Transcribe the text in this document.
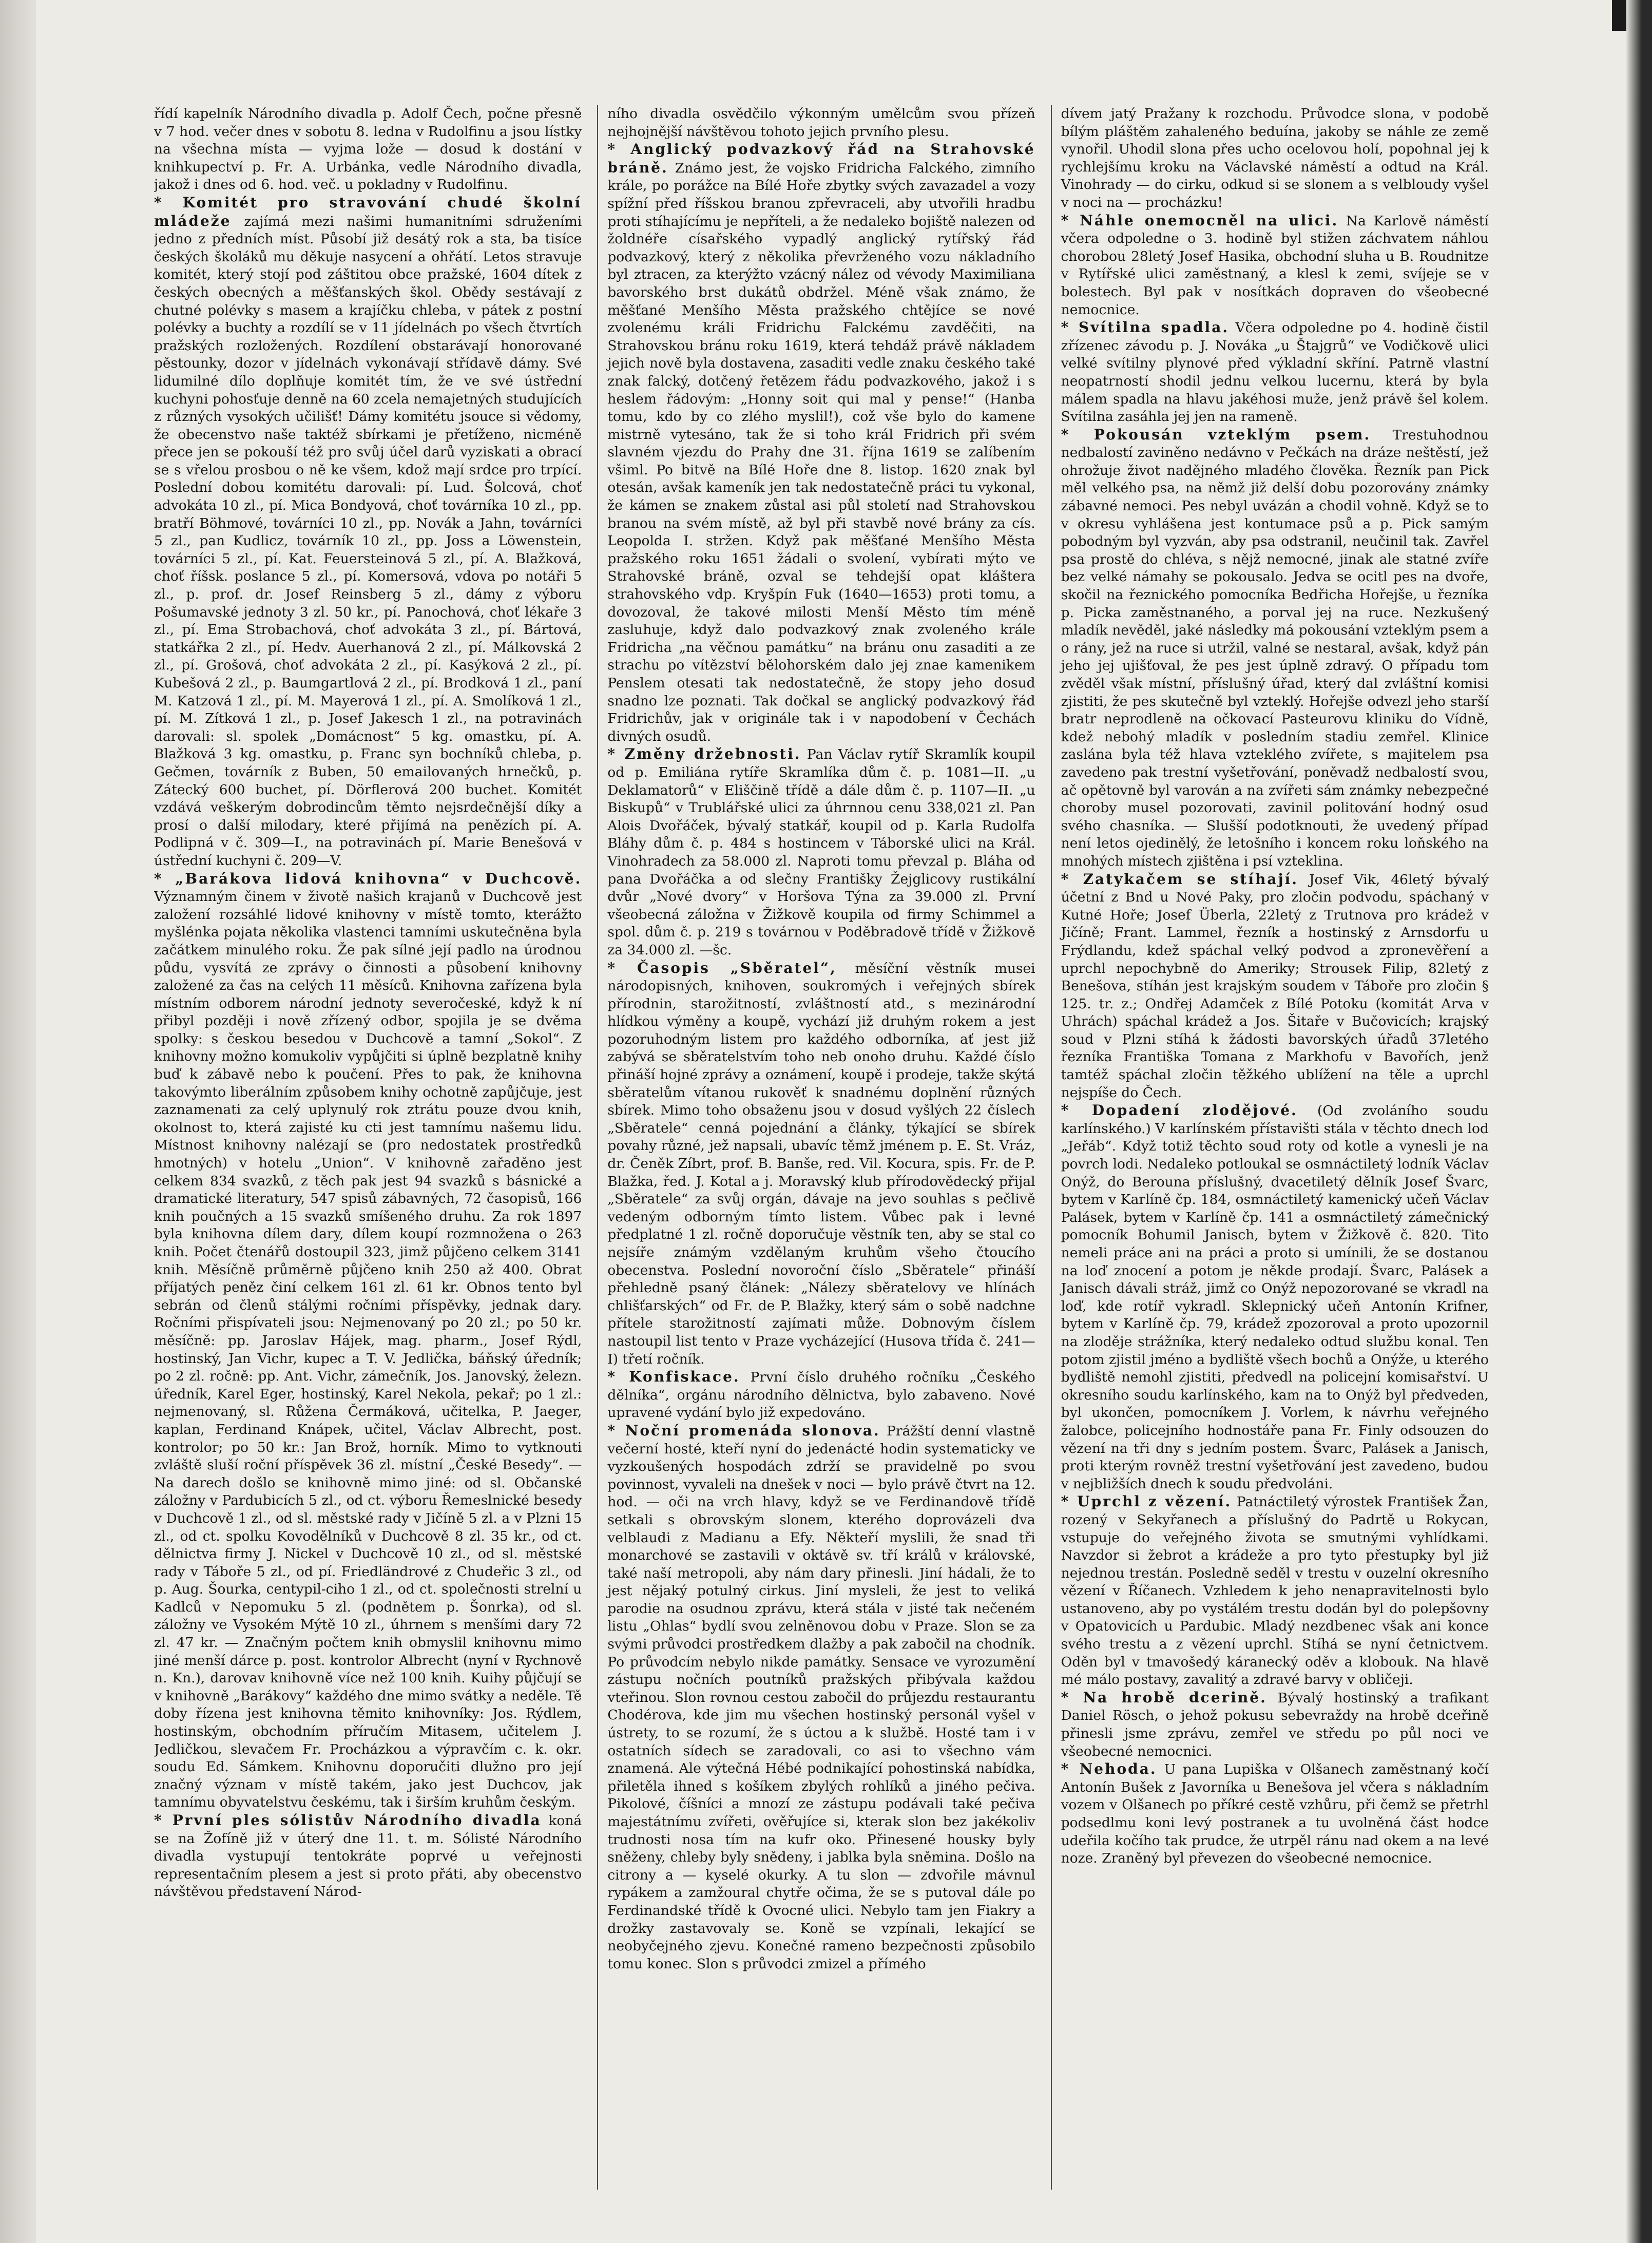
řídí kapelník Národního divadla p. Adolf Čech, počne přesně v 7 hod. večer dnes v sobotu 8. ledna v Rudolfinu a jsou lístky na všechna místa — vyjma lože — dosud k dostání v knihkupectví p. Fr. A. Urbánka, vedle Národního divadla, jakož i dnes od 6. hod. več. u pokladny v Rudolfinu.

* Komitét pro stravování chudé školní mládeže zajímá mezi našimi humanitními sdruženími jedno z předních míst. Působí již desátý rok a sta, ba tisíce českých školáků mu děkuje nasycení a ohřátí. Letos stravuje komitét, který stojí pod záštitou obce pražské, 1604 dítek z českých obecných a měšťanských škol. Obědy sestávají z chutné polévky s masem a krajíčku chleba, v pátek z postní polévky a buchty a rozdílí se v 11 jídelnách po všech čtvrtích pražských rozložených. Rozdílení obstarávají honorované pěstounky, dozor v jídelnách vykonávají střídavě dámy. Své lidumilné dílo doplňuje komitét tím, že ve své ústřední kuchyni pohosťuje denně na 60 zcela nemajetných studujících z různých vysokých učilišť! Dámy komitétu jsouce si vědomy, že obecenstvo naše taktéž sbírkami je přetíženo, nicméně přece jen se pokouší též pro svůj účel darů vyziskati a obrací se s vřelou prosbou o ně ke všem, kdož mají srdce pro trpící. Poslední dobou komitétu darovali: pí. Lud. Šolcová, choť advokáta 10 zl., pí. Mica Bondyová, choť továrníka 10 zl., pp. bratří Böhmové, továrníci 10 zl., pp. Novák a Jahn, továrníci 5 zl., pan Kudlicz, továrník 10 zl., pp. Joss a Löwenstein, továrníci 5 zl., pí. Kat. Feuersteinová 5 zl., pí. A. Blažková, choť říšsk. poslance 5 zl., pí. Komersová, vdova po notáři 5 zl., p. prof. dr. Josef Reinsberg 5 zl., dámy z výboru Pošumavské jednoty 3 zl. 50 kr., pí. Panochová, choť lékaře 3 zl., pí. Ema Strobachová, choť advokáta 3 zl., pí. Bártová, statkářka 2 zl., pí. Hedv. Auerhanová 2 zl., pí. Málkovská 2 zl., pí. Grošová, choť advokáta 2 zl., pí. Kasýková 2 zl., pí. Kubešová 2 zl., p. Baumgartlová 2 zl., pí. Brodková 1 zl., paní M. Katzová 1 zl., pí. M. Mayerová 1 zl., pí. A. Smolíková 1 zl., pí. M. Zítková 1 zl., p. Josef Jakesch 1 zl., na potravinách darovali: sl. spolek „Domácnost“ 5 kg. omastku, pí. A. Blažková 3 kg. omastku, p. Franc syn bochníků chleba, p. Gečmen, továrník z Buben, 50 emailovaných hrnečků, p. Zátecký 600 buchet, pí. Dörflerová 200 buchet. Komitét vzdává veškerým dobrodincům těmto nejsrdečnější díky a prosí o další milodary, které přijímá na penězích pí. A. Podlipná v č. 309—I., na potravinách pí. Marie Benešová v ústřední kuchyni č. 209—V.

* „Barákova lidová knihovna“ v Duchcově. Významným činem v životě našich krajanů v Duchcově jest založení rozsáhlé lidové knihovny v místě tomto, kterážto myšlénka pojata několika vlastenci tamními uskutečněna byla začátkem minulého roku. Že pak sílné její padlo na úrodnou půdu, vysvítá ze zprávy o činnosti a působení knihovny založené za čas na celých 11 měsíců. Knihovna zařízena byla místním odborem národní jednoty severočeské, když k ní přibyl později i nově zřízený odbor, spojila je se dvěma spolky: s českou besedou v Duchcově a tamní „Sokol“. Z knihovny možno komukoliv vypůjčiti si úplně bezplatně knihy buď k zábavě nebo k poučení. Přes to pak, že knihovna takovýmto liberálním způsobem knihy ochotně zapůjčuje, jest zaznamenati za celý uplynulý rok ztrátu pouze dvou knih, okolnost to, která zajisté ku cti jest tamnímu našemu lidu. Místnost knihovny nalézají se (pro nedostatek prostředků hmotných) v hotelu „Union“. V knihovně zařaděno jest celkem 834 svazků, z těch pak jest 94 svazků s básnické a dramatické literatury, 547 spisů zábavných, 72 časopisů, 166 knih poučných a 15 svazků smíšeného druhu. Za rok 1897 byla knihovna dílem dary, dílem koupí rozmnožena o 263 knih. Počet čtenářů dostoupil 323, jimž půjčeno celkem 3141 knih. Měsíčně průměrně půjčeno knih 250 až 400. Obrat příjatých peněz činí celkem 161 zl. 61 kr. Obnos tento byl sebrán od členů stálými ročními příspěvky, jednak dary. Ročními přispívateli jsou: Nejmenovaný po 20 zl.; po 50 kr. měsíčně: pp. Jaroslav Hájek, mag. pharm., Josef Rýdl, hostinský, Jan Vichr, kupec a T. V. Jedlička, báňský úředník; po 2 zl. ročně: pp. Ant. Vichr, zámečník, Jos. Janovský, železn. úředník, Karel Eger, hostinský, Karel Nekola, pekař; po 1 zl.: nejmenovaný, sl. Růžena Čermáková, učitelka, P. Jaeger, kaplan, Ferdinand Knápek, učitel, Václav Albrecht, post. kontrolor; po 50 kr.: Jan Brož, horník. Mimo to vytknouti zvláště sluší roční příspěvek 36 zl. místní „České Besedy“. — Na darech došlo se knihovně mimo jiné: od sl. Občanské záložny v Pardubicích 5 zl., od ct. výboru Řemeslnické besedy v Duchcově 1 zl., od sl. městské rady v Jičíně 5 zl. a v Plzni 15 zl., od ct. spolku Kovodělníků v Duchcově 8 zl. 35 kr., od ct. dělnictva firmy J. Nickel v Duchcově 10 zl., od sl. městské rady v Táboře 5 zl., od pí. Friedländrové z Chudeřic 3 zl., od p. Aug. Šourka, centypil-ciho 1 zl., od ct. společnosti strelní u Kadlců v Nepomuku 5 zl. (podnětem p. Šonrka), od sl. záložny ve Vysokém Mýtě 10 zl., úhrnem s menšími dary 72 zl. 47 kr. — Značným počtem knih obmyslil knihovnu mimo jiné menší dárce p. post. kontrolor Albrecht (nyní v Rychnově n. Kn.), darovav knihovně více než 100 knih. Kuihy půjčují se v knihovně „Barákovy“ každého dne mimo svátky a neděle. Tě doby řízena jest knihovna těmito knihovníky: Jos. Rýdlem, hostinským, obchodním příručím Mitasem, učitelem J. Jedličkou, slevačem Fr. Procházkou a výpravčím c. k. okr. soudu Ed. Sámkem. Knihovnu doporučiti dlužno pro její značný význam v místě takém, jako jest Duchcov, jak tamnímu obyvatelstvu českému, tak i širším kruhům českým.

* První ples sólistův Národního divadla koná se na Žofíně již v úterý dne 11. t. m. Sólisté Národního divadla vystupují tentokráte poprvé u veřejnosti representačním plesem a jest si proto přáti, aby obecenstvo návštěvou představení Národ-

ního divadla osvědčilo výkonným umělcům svou přízeň nejhojnější návštěvou tohoto jejich prvního plesu.

* Anglický podvazkový řád na Strahovské bráně. Známo jest, že vojsko Fridricha Falckého, zimního krále, po porážce na Bílé Hoře zbytky svých zavazadel a vozy spížní před říšskou branou zpřevraceli, aby utvořili hradbu proti stíhajícímu je nepříteli, a že nedaleko bojiště nalezen od žoldnéře císařského vypadlý anglický rytířský řád podvazkový, který z několika převrženého vozu nákladního byl ztracen, za kterýžto vzácný nález od vévody Maximiliana bavorského brst dukátů obdržel. Méně však známo, že měšťané Menšího Města pražského chtějíce se nové zvolenému králi Fridrichu Falckému zavděčiti, na Strahovskou bránu roku 1619, která tehdáž právě nákladem jejich nově byla dostavena, zasaditi vedle znaku českého také znak falcký, dotčený řetězem řádu podvazkového, jakož i s heslem řádovým: „Honny soit qui mal y pense!“ (Hanba tomu, kdo by co zlého myslil!), což vše bylo do kamene mistrně vytesáno, tak že si toho král Fridrich při svém slavném vjezdu do Prahy dne 31. října 1619 se zalíbením všiml. Po bitvě na Bílé Hoře dne 8. listop. 1620 znak byl otesán, avšak kameník jen tak nedostatečně práci tu vykonal, že kámen se znakem zůstal asi půl století nad Strahovskou branou na svém místě, až byl při stavbě nové brány za cís. Leopolda I. stržen. Když pak měšťané Menšího Města pražského roku 1651 žádali o svolení, vybírati mýto ve Strahovské bráně, ozval se tehdejší opat kláštera strahovského vdp. Kryšpín Fuk (1640—1653) proti tomu, a dovozoval, že takové milosti Menší Město tím méně zasluhuje, když dalo podvazkový znak zvoleného krále Fridricha „na věčnou památku“ na bránu onu zasaditi a ze strachu po vítězství bělohorském dalo jej znae kamenikem Penslem otesati tak nedostatečně, že stopy jeho dosud snadno lze poznati. Tak dočkal se anglický podvazkový řád Fridrichův, jak v originále tak i v napodobení v Čechách divných osudů.

* Změny držebnosti. Pan Václav rytíř Skramlík koupil od p. Emiliána rytíře Skramlíka dům č. p. 1081—II. „u Deklamatorů“ v Eliščině třídě a dále dům č. p. 1107—II. „u Biskupů“ v Trublářské ulici za úhrnnou cenu 338,021 zl. Pan Alois Dvořáček, bývalý statkář, koupil od p. Karla Rudolfa Bláhy dům č. p. 484 s hostincem v Táborské ulici na Král. Vinohradech za 58.000 zl. Naproti tomu převzal p. Bláha od pana Dvořáčka a od slečny Františky Žejglicovy rustikální dvůr „Nové dvory“ v Horšova Týna za 39.000 zl. První všeobecná záložna v Žižkově koupila od firmy Schimmel a spol. dům č. p. 219 s továrnou v Poděbradově třídě v Žižkově za 34.000 zl. —šc.

* Časopis „Sběratel“, měsíční věstník musei národopisných, knihoven, soukromých i veřejných sbírek přírodnin, starožitností, zvláštností atd., s mezinárodní hlídkou výměny a koupě, vychází již druhým rokem a jest pozoruhodným listem pro každého odborníka, ať jest již zabývá se sběratelstvím toho neb onoho druhu. Každé číslo přináší hojné zprávy a oznámení, koupě i prodeje, takže skýtá sběratelům vítanou rukověť k snadnému doplnění různých sbírek. Mimo toho obsaženu jsou v dosud vyšlých 22 číslech „Sběratele“ cenná pojednání a články, týkající se sbírek povahy různé, jež napsali, ubavíc těmž jménem p. E. St. Vráz, dr. Čeněk Zíbrt, prof. B. Banše, red. Vil. Kocura, spis. Fr. de P. Blažka, řed. J. Kotal a j. Moravský klub přírodovědecký přijal „Sběratele“ za svůj orgán, dávaje na jevo souhlas s pečlivě vedeným odborným tímto listem. Vůbec pak i levné předplatné 1 zl. ročně doporučuje věstník ten, aby se stal co nejsíře známým vzdělaným kruhům všeho čtoucího obecenstva. Poslední novoroční číslo „Sběratele“ přináší přehledně psaný článek: „Nálezy sběratelovy ve hlínách chlišťarských“ od Fr. de P. Blažky, který sám o sobě nadchne přítele starožitností zajímati může. Dobnovým číslem nastoupil list tento v Praze vycházející (Husova třída č. 241—I) třetí ročník.

* Konfiskace. První číslo druhého ročníku „Českého dělníka“, orgánu národního dělnictva, bylo zabaveno. Nové upravené vydání bylo již expedováno.

* Noční promenáda slonova. Prážští denní vlastně večerní hosté, kteří nyní do jedenácté hodin systematicky ve vyzkoušených hospodách zdrží se pravidelně po svou povinnost, vyvaleli na dnešek v noci — bylo právě čtvrt na 12. hod. — oči na vrch hlavy, když se ve Ferdinandově třídě setkali s obrovským slonem, kterého doprovázeli dva velblaudi z Madianu a Efy. Někteří myslili, že snad tři monarchové se zastavili v oktávě sv. tří králů v královské, také naší metropoli, aby nám dary přinesli. Jiní hádali, že to jest nějaký potulný cirkus. Jiní mysleli, že jest to veliká parodie na osudnou zprávu, která stála v jisté tak nečeném listu „Ohlas“ bydlí svou zelněnovou dobu v Praze. Slon se za svými průvodci prostředkem dlažby a pak zabočil na chodník. Po průvodcím nebylo nikde památky. Sensace ve vyrozumění zástupu nočních poutníků pražských přibývala každou vteřinou. Slon rovnou cestou zabočil do průjezdu restaurantu Chodérova, kde jim mu všechen hostinský personál vyšel v ústrety, to se rozumí, že s úctou a k službě. Hosté tam i v ostatních sídech se zaradovali, co asi to všechno vám znamená. Ale výtečná Hébé podnikající pohostinská nabídka, přiletěla ihned s košíkem zbylých rohlíků a jiného pečiva. Pikolové, číšníci a mnozí ze zástupu podávali také pečiva majestátnímu zvířeti, ověřujíce si, kterak slon bez jakékoliv trudnosti nosa tím na kufr oko. Přinesené housky byly sněženy, chleby byly snědeny, i jablka byla sněmina. Došlo na citrony a — kyselé okurky. A tu slon — zdvořile mávnul rypákem a zamžoural chytře očima, že se s putoval dále po Ferdinandské třídě k Ovocné ulici. Nebylo tam jen Fiakry a drožky zastavovaly se. Koně se vzpínali, lekající se neobyčejného zjevu. Konečné rameno bezpečnosti způsobilo tomu konec. Slon s průvodci zmizel a přímého

dívem jatý Pražany k rozchodu. Průvodce slona, v podobě bílým pláštěm zahaleného beduína, jakoby se náhle ze země vynořil. Uhodil slona přes ucho ocelovou holí, popohnal jej k rychlejšímu kroku na Václavské náměstí a odtud na Král. Vinohrady — do cirku, odkud si se slonem a s velbloudy vyšel v noci na — procházku!

* Náhle onemocněl na ulici. Na Karlově náměstí včera odpoledne o 3. hodině byl stižen záchvatem náhlou chorobou 28letý Josef Hasika, obchodní sluha u B. Roudnitze v Rytířské ulici zaměstnaný, a klesl k zemi, svíjeje se v bolestech. Byl pak v nosítkách dopraven do všeobecné nemocnice.

* Svítilna spadla. Včera odpoledne po 4. hodině čistil zřízenec závodu p. J. Nováka „u Štajgrů“ ve Vodičkově ulici velké svítilny plynové před výkladní skříní. Patrně vlastní neopatrností shodil jednu velkou lucernu, která by byla málem spadla na hlavu jakéhosi muže, jenž právě šel kolem. Svítilna zasáhla jej jen na rameně.

* Pokousán vzteklým psem. Trestuhodnou nedbalostí zaviněno nedávno v Pečkách na dráze neštěstí, jež ohrožuje život nadějného mladého člověka. Řezník pan Pick měl velkého psa, na němž již delší dobu pozorovány známky zábavné nemoci. Pes nebyl uvázán a chodil vohně. Když se to v okresu vyhlášena jest kontumace psů a p. Pick samým pobodným byl vyzván, aby psa odstranil, neučinil tak. Zavřel psa prostě do chlévа, s nějž nemocné, jinak ale statné zvíře bez velké námahy se pokousalo. Jedva se ocitl pes na dvoře, skočil na řeznického pomocníka Bedřicha Hořejše, u řezníka p. Picka zaměstnaného, a porval jej na ruce. Nezkušený mladík nevěděl, jaké následky má pokousání vzteklým psem a o rány, jež na ruce si utržil, valné se nestaral, avšak, když pán jeho jej ujišťoval, že pes jest úplně zdravý. O případu tom zvěděl však místní, příslušný úřad, který dal zvláštní komisi zjistiti, že pes skutečně byl vzteklý. Hořejše odvezl jeho starší bratr neprodleně na očkovací Pasteurovu kliniku do Vídně, kdež nebohý mladík v posledním stadiu zemřel. Klinice zaslána byla též hlava vzteklého zvířete, s majitelem psa zavedeno pak trestní vyšetřování, poněvadž nedbalostí svou, ač opětovně byl varován a na zvířeti sám známky nebezpečné choroby musel pozorovati, zavinil politování hodný osud svého chasníka. — Slušší podotknouti, že uvedený případ není letos ojedinělý, že letošního i koncem roku loňského na mnohých místech zjištěna i psí vzteklina.

* Zatykačem se stíhají. Josef Vik, 46letý bývalý účetní z Bnd u Nové Paky, pro zločin podvodu, spáchaný v Kutné Hoře; Josef Überla, 22letý z Trutnova pro krádež v Jičíně; Frant. Lammel, řezník a hostinský z Arnsdorfu u Frýdlandu, kdež spáchal velký podvod a zpronevěření a uprchl nepochybně do Ameriky; Strousek Filip, 82letý z Benešova, stíhán jest krajským soudem v Táboře pro zločin § 125. tr. z.; Ondřej Adamček z Bílé Potoku (komitát Arva v Uhrách) spáchal krádež a Jos. Šitaře v Bučovicích; krajský soud v Plzni stíhá k žádosti bavorských úřadů 37letého řezníka Františka Tomana z Markhofu v Bavořích, jenž tamtéž spáchal zločin těžkého ublížení na těle a uprchl nejspíše do Čech.

* Dopadení zlodějové. (Od zvoláního soudu karlínského.) V karlínském přístavišti stála v těchto dnech lod „Jeřáb“. Když totiž těchto soud roty od kotle a vynesli je na povrch lodi. Nedaleko potloukal se osmnáctiletý lodník Václav Onýž, do Berouna příslušný, dvacetiletý dělník Josef Švarc, bytem v Karlíně čp. 184, osmnáctiletý kamenický učeň Václav Palásek, bytem v Karlíně čp. 141 a osmnáctiletý zámečnický pomocník Bohumil Janisch, bytem v Žižkově č. 820. Tito nemeli práce ani na práci a proto si umínili, že se dostanou na loď znocení a potom je někde prodají. Švarc, Palásek a Janisch dávali stráž, jimž co Onýž nepozorované se vkradl na loď, kde rotíř vykradl. Sklepnický učeň Antonín Krifner, bytem v Karlíně čp. 79, krádež zpozoroval a proto upozornil na zloděje strážníka, který nedaleko odtud službu konal. Ten potom zjistil jméno a bydliště všech bochů a Onýže, u kterého bydliště nemohl zjistiti, předvedl na policejní komisařství. U okresního soudu karlínského, kam na to Onýž byl předveden, byl ukončen, pomocníkem J. Vorlem, k návrhu veřejného žalobce, policejního hodnostáře pana Fr. Finly odsouzen do vězení na tři dny s jedním postem. Švarc, Palásek a Janisch, proti kterým rovněž trestní vyšetřování jest zavedeno, budou v nejbližších dnech k soudu předvoláni.

* Uprchl z vězení. Patnáctiletý výrostek František Žan, rozený v Sekyřanech a příslušný do Padrtě u Rokycan, vstupuje do veřejného života se smutnými vyhlídkami. Navzdor si žebrot a krádeže a pro tyto přestupky byl již nejednou trestán. Posledně seděl v trestu v ouzelní okresního vězení v Říčanech. Vzhledem k jeho nenapravitelnosti bylo ustanoveno, aby po vystálém trestu dodán byl do polepšovny v Opatovicích u Pardubic. Mladý nezdbenec však ani konce svého trestu a z vězení uprchl. Stíhá se nyní četnictvem. Oděn byl v tmavošedý káranecký oděv a klobouk. Na hlavě mé málo postavy, zavalitý a zdravé barvy v obličeji.

* Na hrobě dcerině. Bývalý hostinský a trafikant Daniel Rösch, o jehož pokusu sebevraždy na hrobě dceřině přinesli jsme zprávu, zemřel ve středu po půl noci ve všeobecné nemocnici.

* Nehoda. U pana Lupiška v Olšanech zaměstnaný kočí Antonín Bušek z Javorníka u Benešova jel včera s nákladním vozem v Olšanech po příkré cestě vzhůru, při čemž se přetrhl podsedlmu koni levý postranek a tu uvolněná část hodce udeřila kočího tak prudce, že utrpěl ránu nad okem a na levé noze. Zraněný byl převezen do všeobecné nemocnice.
